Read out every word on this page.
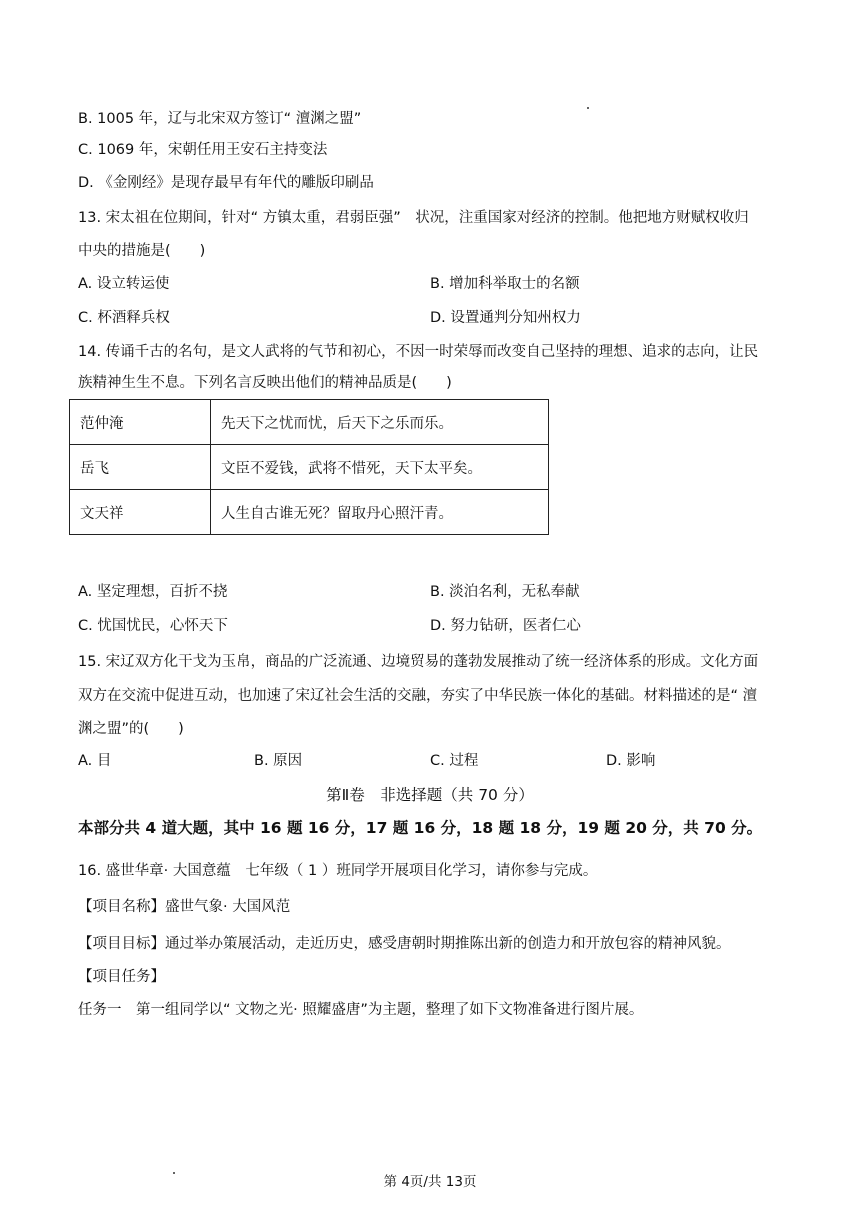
B. 1005 年，辽与北宋双方签订“ 澶渊之盟”
C. 1069 年，宋朝任用王安石主持变法
D. 《金刚经》是现存最早有年代的雕版印刷品
13. 宋太祖在位期间，针对“ 方镇太重，君弱臣强”　状况，注重国家对经济的控制。他把地方财赋权收归
中央的措施是(　　)
A. 设立转运使	B. 增加科举取士的名额
C. 杯酒释兵权	D. 设置通判分知州权力
14. 传诵千古的名句，是文人武将的气节和初心，不因一时荣辱而改变自己坚持的理想、追求的志向，让民
族精神生生不息。下列名言反映出他们的精神品质是(　　)
范仲淹	先天下之忧而忧，后天下之乐而乐。
岳飞	文臣不爱钱，武将不惜死，天下太平矣。
文天祥	人生自古谁无死？留取丹心照汗青。
A. 坚定理想，百折不挠	B. 淡泊名利，无私奉献
C. 忧国忧民，心怀天下	D. 努力钻研，医者仁心
15. 宋辽双方化干戈为玉帛，商品的广泛流通、边境贸易的蓬勃发展推动了统一经济体系的形成。文化方面
双方在交流中促进互动，也加速了宋辽社会生活的交融，夯实了中华民族一体化的基础。材料描述的是“ 澶
渊之盟”的(　　)
A. 目	B. 原因	C. 过程	D. 影响
第Ⅱ卷　非选择题（共 70 分）
本部分共 4 道大题，其中 16 题 16 分，17 题 16 分，18 题 18 分，19 题 20 分，共 70 分。
16. 盛世华章· 大国意蕴　七年级（ 1 ）班同学开展项目化学习，请你参与完成。
【项目名称】盛世气象· 大国风范
【项目目标】通过举办策展活动，走近历史，感受唐朝时期推陈出新的创造力和开放包容的精神风貌。
【项目任务】
任务一　第一组同学以“ 文物之光· 照耀盛唐”为主题，整理了如下文物准备进行图片展。
第 4页/共 13页
